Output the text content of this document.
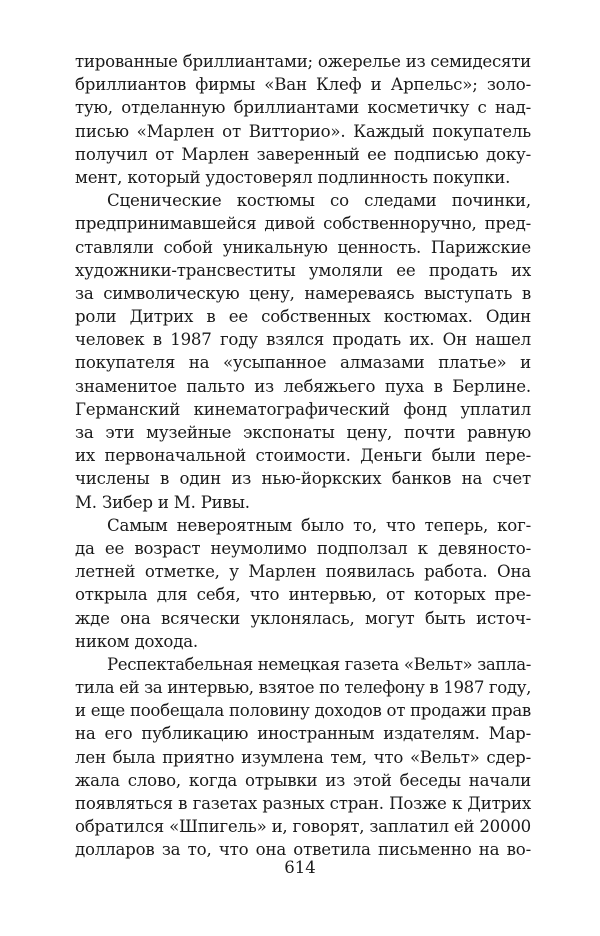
тированные бриллиантами; ожерелье из семидесяти
бриллиантов фирмы «Ван Клеф и Арпельс»; золо-
тую, отделанную бриллиантами косметичку с над-
писью «Марлен от Витторио». Каждый покупатель
получил от Марлен заверенный ее подписью доку-
мент, который удостоверял подлинность покупки.
Сценические костюмы со следами починки,
предпринимавшейся дивой собственноручно, пред-
ставляли собой уникальную ценность. Парижские
художники-трансвеститы умоляли ее продать их
за символическую цену, намереваясь выступать в
роли Дитрих в ее собственных костюмах. Один
человек в 1987 году взялся продать их. Он нашел
покупателя на «усыпанное алмазами платье» и
знаменитое пальто из лебяжьего пуха в Берлине.
Германский кинематографический фонд уплатил
за эти музейные экспонаты цену, почти равную
их первоначальной стоимости. Деньги были пере-
числены в один из нью-йоркских банков на счет
М. Зибер и М. Ривы.
Самым невероятным было то, что теперь, ког-
да ее возраст неумолимо подползал к девяносто-
летней отметке, у Марлен появилась работа. Она
открыла для себя, что интервью, от которых пре-
жде она всячески уклонялась, могут быть источ-
ником дохода.
Респектабельная немецкая газета «Вельт» запла-
тила ей за интервью, взятое по телефону в 1987 году,
и еще пообещала половину доходов от продажи прав
на его публикацию иностранным издателям. Мар-
лен была приятно изумлена тем, что «Вельт» сдер-
жала слово, когда отрывки из этой беседы начали
появляться в газетах разных стран. Позже к Дитрих
обратился «Шпигель» и, говорят, заплатил ей 20000
долларов за то, что она ответила письменно на во-
614
